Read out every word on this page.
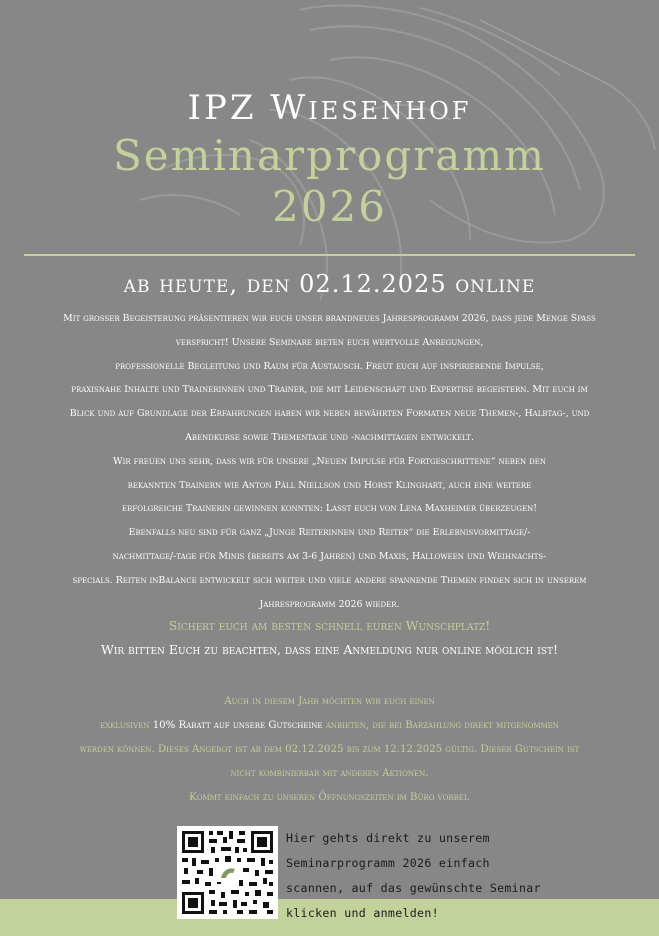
IPZ Wiesenhof
Seminarprogramm
2026
ab heute, den 02.12.2025 online

Mit großer Begeisterung präsentieren wir euch unser brandneues Jahresprogramm 2026, dass jede Menge Spaß

verspricht! Unsere Seminare bieten euch wertvolle Anregungen,

professionelle Begleitung und Raum für Austausch. Freut euch auf inspirierende Impulse,

praxisnahe Inhalte und Trainerinnen und Trainer, die mit Leidenschaft und Expertise begeistern. Mit euch im

Blick und auf Grundlage der Erfahrungen haben wir neben bewährten Formaten neue Themen-, Halbtag-, und

Abendkurse sowie Thementage und -nachmittagen entwickelt.

Wir freuen uns sehr, dass wir für unsere „Neuen Impulse für Fortgeschrittene“ neben den

bekannten Trainern wie Anton Páll Niellson und Horst Klinghart, auch eine weitere

erfolgreiche Trainerin gewinnen konnten: Lasst euch von Lena Maxheimer überzeugen!

Ebenfalls neu sind für ganz „Junge Reiterinnen und Reiter“ die Erlebnisvormittage/-

nachmittage/-tage für Minis (bereits am 3-6 Jahren) und Maxis, Halloween und Weihnachts-

specials. Reiten inBalance entwickelt sich weiter und viele andere spannende Themen finden sich in unserem

Jahresprogramm 2026 wieder.

Sichert euch am besten schnell euren Wunschplatz!
Wir bitten Euch zu beachten, dass eine Anmeldung nur online möglich ist!

Auch in diesem Jahr möchten wir euch einen

exklusiven 10% Rabatt auf unsere Gutscheine anbieten, die bei Barzahlung direkt mitgenommen

werden können. Dieses Angebot ist ab dem 02.12.2025 bis zum 12.12.2025 gültig. Dieser Gutschein ist

nicht kombinierbar mit anderen Aktionen.

Kommt einfach zu unseren Öffnungszeiten im Büro vorbei.

Hier gehts direkt zu unserem

Seminarprogramm 2026 einfach

scannen, auf das gewünschte Seminar

klicken und anmelden!
